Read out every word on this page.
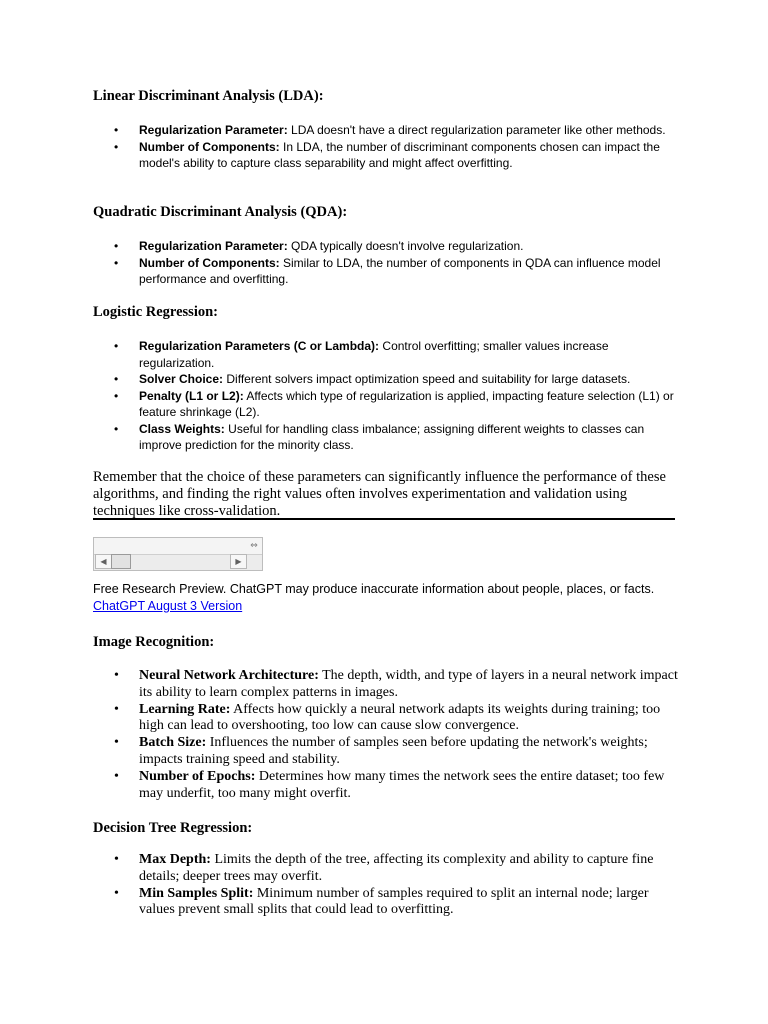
Linear Discriminant Analysis (LDA):
• Regularization Parameter: LDA doesn't have a direct regularization parameter like other methods.
• Number of Components: In LDA, the number of discriminant components chosen can impact the model's ability to capture class separability and might affect overfitting.
Quadratic Discriminant Analysis (QDA):
• Regularization Parameter: QDA typically doesn't involve regularization.
• Number of Components: Similar to LDA, the number of components in QDA can influence model performance and overfitting.
Logistic Regression:
• Regularization Parameters (C or Lambda): Control overfitting; smaller values increase regularization.
• Solver Choice: Different solvers impact optimization speed and suitability for large datasets.
• Penalty (L1 or L2): Affects which type of regularization is applied, impacting feature selection (L1) or feature shrinkage (L2).
• Class Weights: Useful for handling class imbalance; assigning different weights to classes can improve prediction for the minority class.

Remember that the choice of these parameters can significantly influence the performance of these algorithms, and finding the right values often involves experimentation and validation using techniques like cross-validation.

⇔
◀	▶

Free Research Preview. ChatGPT may produce inaccurate information about people, places, or facts.

ChatGPT August 3 Version

Image Recognition:
• Neural Network Architecture: The depth, width, and type of layers in a neural network impact its ability to learn complex patterns in images.
• Learning Rate: Affects how quickly a neural network adapts its weights during training; too high can lead to overshooting, too low can cause slow convergence.
• Batch Size: Influences the number of samples seen before updating the network's weights; impacts training speed and stability.
• Number of Epochs: Determines how many times the network sees the entire dataset; too few may underfit, too many might overfit.
Decision Tree Regression:
• Max Depth: Limits the depth of the tree, affecting its complexity and ability to capture fine details; deeper trees may overfit.
• Min Samples Split: Minimum number of samples required to split an internal node; larger values prevent small splits that could lead to overfitting.
